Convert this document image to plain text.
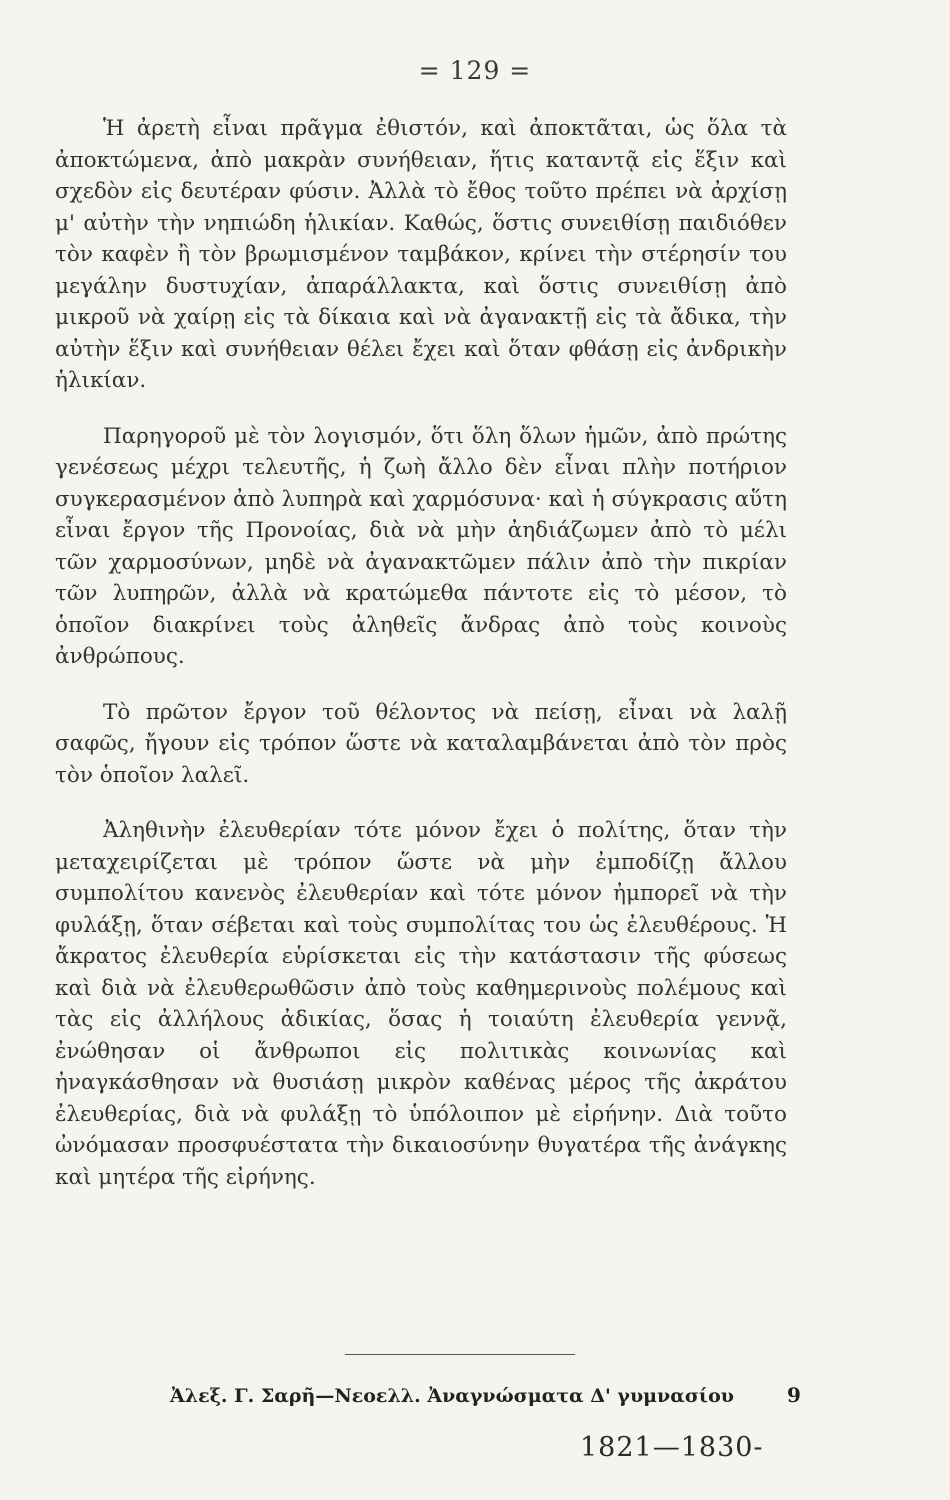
= 129 =

Ἡ ἀρετὴ εἶναι πρᾶγμα ἐθιστόν, καὶ ἀποκτᾶται, ὡς ὅλα τὰ ἀποκτώμενα, ἀπὸ μακρὰν συνήθειαν, ἥτις καταντᾷ εἰς ἕξιν καὶ σχεδὸν εἰς δευτέραν φύσιν. Ἀλλὰ τὸ ἔθος τοῦτο πρέπει νὰ ἀρχίσῃ μ' αὐτὴν τὴν νηπιώδη ἡλικίαν. Καθώς, ὅστις συνειθίσῃ παιδιόθεν τὸν καφὲν ἢ τὸν βρωμισμένον ταμβάκον, κρίνει τὴν στέρησίν του μεγάλην δυστυχίαν, ἀπαράλλακτα, καὶ ὅστις συνειθίσῃ ἀπὸ μικροῦ νὰ χαίρῃ εἰς τὰ δίκαια καὶ νὰ ἀγανακτῇ εἰς τὰ ἄδικα, τὴν αὐτὴν ἕξιν καὶ συνήθειαν θέλει ἔχει καὶ ὅταν φθάσῃ εἰς ἀνδρικὴν ἡλικίαν.

Παρηγοροῦ μὲ τὸν λογισμόν, ὅτι ὅλη ὅλων ἡμῶν, ἀπὸ πρώτης γενέσεως μέχρι τελευτῆς, ἡ ζωὴ ἄλλο δὲν εἶναι πλὴν ποτήριον συγκερασμένον ἀπὸ λυπηρὰ καὶ χαρμόσυνα· καὶ ἡ σύγκρασις αὕτη εἶναι ἔργον τῆς Προνοίας, διὰ νὰ μὴν ἀηδιάζωμεν ἀπὸ τὸ μέλι τῶν χαρμοσύνων, μηδὲ νὰ ἀγανακτῶμεν πάλιν ἀπὸ τὴν πικρίαν τῶν λυπηρῶν, ἀλλὰ νὰ κρατώμεθα πάντοτε εἰς τὸ μέσον, τὸ ὁποῖον διακρίνει τοὺς ἀληθεῖς ἄνδρας ἀπὸ τοὺς κοινοὺς ἀνθρώπους.

Τὸ πρῶτον ἔργον τοῦ θέλοντος νὰ πείσῃ, εἶναι νὰ λαλῇ σαφῶς, ἤγουν εἰς τρόπον ὥστε νὰ καταλαμβάνεται ἀπὸ τὸν πρὸς τὸν ὁποῖον λαλεῖ.

Ἀληθινὴν ἐλευθερίαν τότε μόνον ἔχει ὁ πολίτης, ὅταν τὴν μεταχειρίζεται μὲ τρόπον ὥστε νὰ μὴν ἐμποδίζῃ ἄλλου συμπολίτου κανενὸς ἐλευθερίαν καὶ τότε μόνον ἠμπορεῖ νὰ τὴν φυλάξῃ, ὅταν σέβεται καὶ τοὺς συμπολίτας του ὡς ἐλευθέρους. Ἡ ἄκρατος ἐλευθερία εὑρίσκεται εἰς τὴν κατάστασιν τῆς φύσεως καὶ διὰ νὰ ἐλευθερωθῶσιν ἀπὸ τοὺς καθημερινοὺς πολέμους καὶ τὰς εἰς ἀλλήλους ἀδικίας, ὅσας ἡ τοιαύτη ἐλευθερία γεννᾷ, ἐνώθησαν οἱ ἄνθρωποι εἰς πολιτικὰς κοινωνίας καὶ ἠναγκάσθησαν νὰ θυσιάσῃ μικρὸν καθένας μέρος τῆς ἀκράτου ἐλευθερίας, διὰ νὰ φυλάξῃ τὸ ὑπόλοιπον μὲ εἰρήνην. Διὰ τοῦτο ὠνόμασαν προσφυέστατα τὴν δικαιοσύνην θυγατέρα τῆς ἀνάγκης καὶ μητέρα τῆς εἰρήνης.

1821—1830-
Ἀλεξ. Γ. Σαρῆ—Νεοελλ. Ἀναγνώσματα Δ' γυμνασίου	9
